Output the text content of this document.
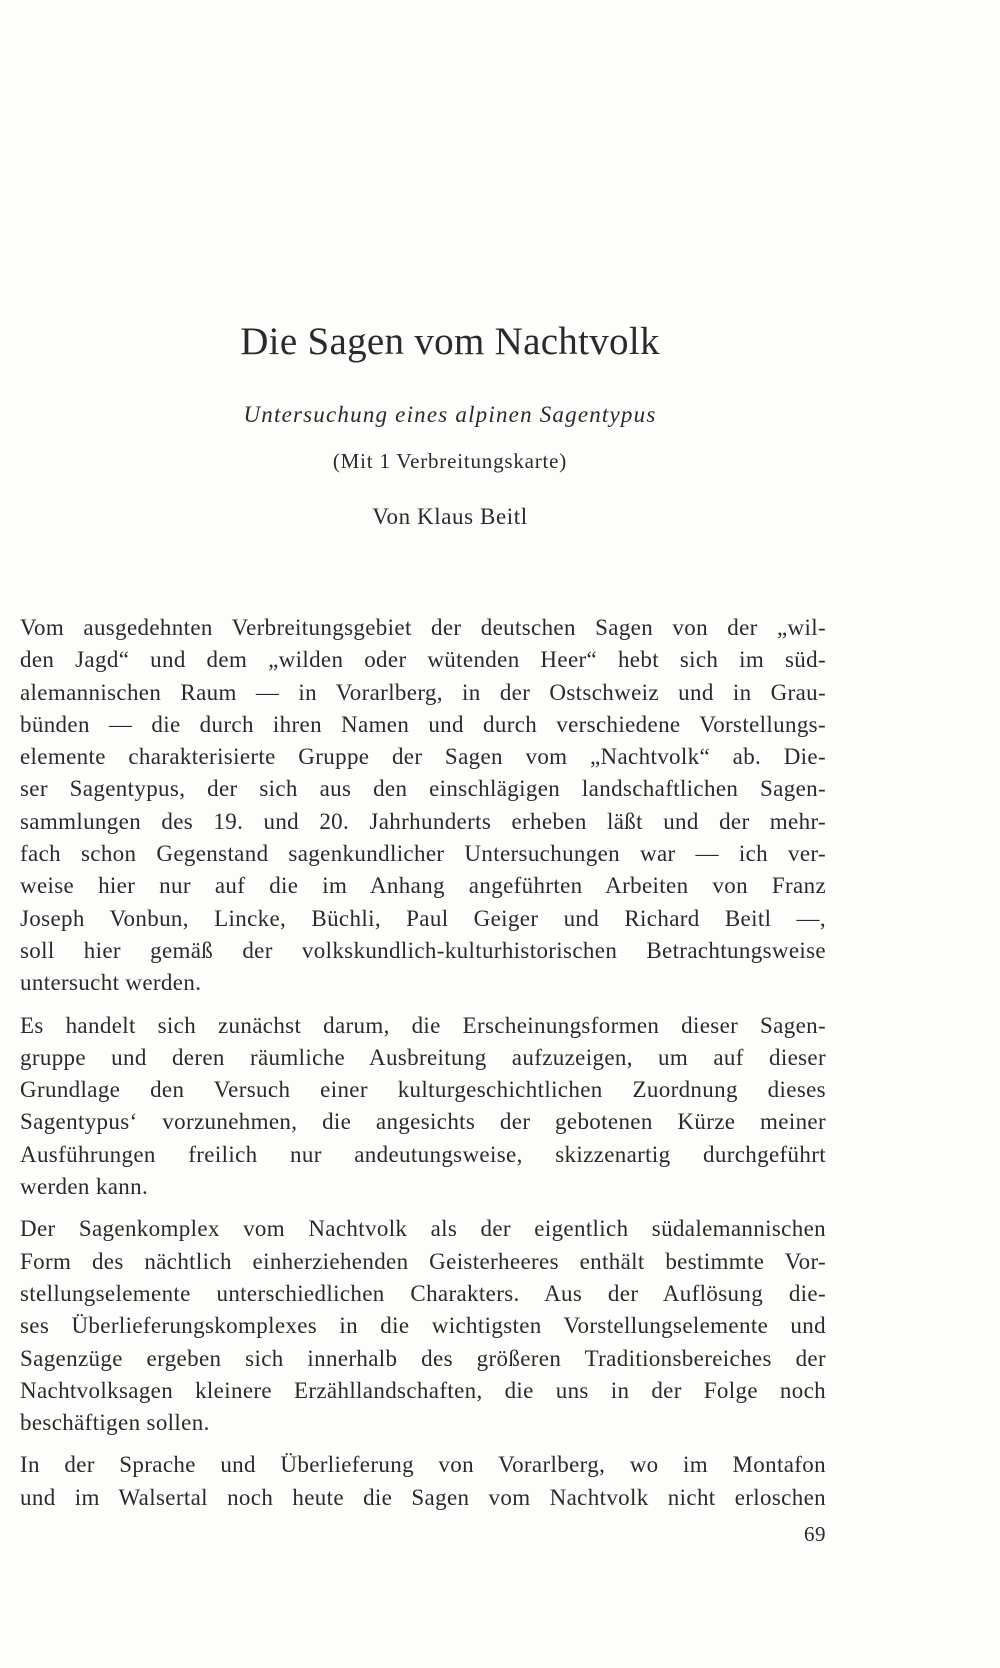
Die Sagen vom Nachtvolk
Untersuchung eines alpinen Sagentypus
(Mit 1 Verbreitungskarte)
Von Klaus Beitl
Vom ausgedehnten Verbreitungsgebiet der deutschen Sagen von der „wil-
den Jagd“ und dem „wilden oder wütenden Heer“ hebt sich im süd-
alemannischen Raum — in Vorarlberg, in der Ostschweiz und in Grau-
bünden — die durch ihren Namen und durch verschiedene Vorstellungs-
elemente charakterisierte Gruppe der Sagen vom „Nachtvolk“ ab. Die-
ser Sagentypus, der sich aus den einschlägigen landschaftlichen Sagen-
sammlungen des 19. und 20. Jahrhunderts erheben läßt und der mehr-
fach schon Gegenstand sagenkundlicher Untersuchungen war — ich ver-
weise hier nur auf die im Anhang angeführten Arbeiten von Franz
Joseph Vonbun, Lincke, Büchli, Paul Geiger und Richard Beitl —,
soll hier gemäß der volkskundlich-kulturhistorischen Betrachtungsweise
untersucht werden.
Es handelt sich zunächst darum, die Erscheinungsformen dieser Sagen-
gruppe und deren räumliche Ausbreitung aufzuzeigen, um auf dieser
Grundlage den Versuch einer kulturgeschichtlichen Zuordnung dieses
Sagentypus‘ vorzunehmen, die angesichts der gebotenen Kürze meiner
Ausführungen freilich nur andeutungsweise, skizzenartig durchgeführt
werden kann.
Der Sagenkomplex vom Nachtvolk als der eigentlich südalemannischen
Form des nächtlich einherziehenden Geisterheeres enthält bestimmte Vor-
stellungselemente unterschiedlichen Charakters. Aus der Auflösung die-
ses Überlieferungskomplexes in die wichtigsten Vorstellungselemente und
Sagenzüge ergeben sich innerhalb des größeren Traditionsbereiches der
Nachtvolksagen kleinere Erzähllandschaften, die uns in der Folge noch
beschäftigen sollen.
In der Sprache und Überlieferung von Vorarlberg, wo im Montafon
und im Walsertal noch heute die Sagen vom Nachtvolk nicht erloschen
69
